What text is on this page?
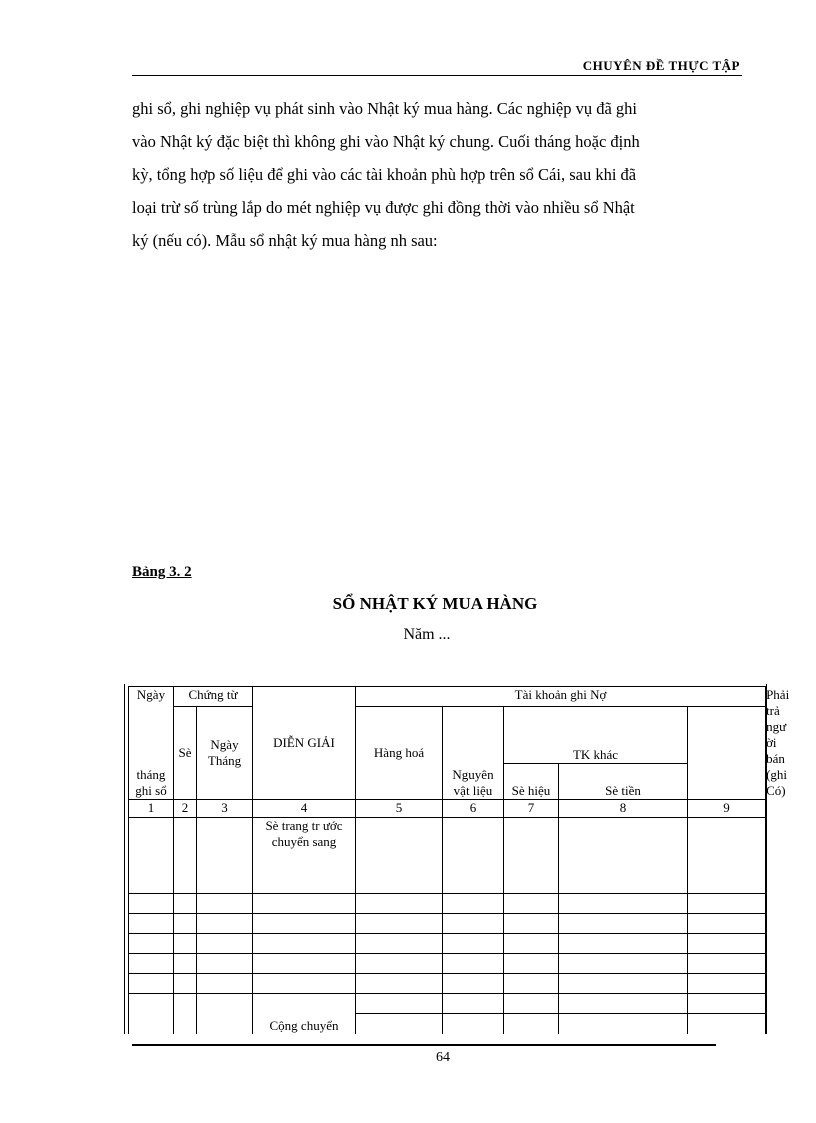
CHUYÊN ĐỀ THỰC TẬP
ghi sổ, ghi nghiệp vụ phát sinh vào Nhật ký mua hàng. Các nghiệp vụ đã ghi
vào Nhật ký đặc biệt thì không ghi vào Nhật ký chung. Cuối tháng hoặc định
kỳ, tổng hợp số liệu để ghi vào các tài khoản phù hợp trên sổ Cái, sau khi đã
loại trừ số trùng lắp do mét nghiệp vụ được ghi đồng thời vào nhiều sổ Nhật
ký (nếu có). Mẫu sổ nhật ký mua hàng nh sau:
Bảng 3. 2
SỔ NHẬT KÝ MUA HÀNG
Năm ...
Ngày	Chứng từ		DIỄN GIẢI	Tài khoản ghi Nợ					Phải trả ngư ời bán (ghi Có)
tháng ghi sổ	Sè	Ngày Tháng		Hàng hoá	Nguyên vật liệu	TK khác			
						Sè hiệu	Sè tiền		
1	2	3	4	5	6	7	8	9	
			Sè trang tr ước chuyển sang						

			Cộng chuyển						

64
